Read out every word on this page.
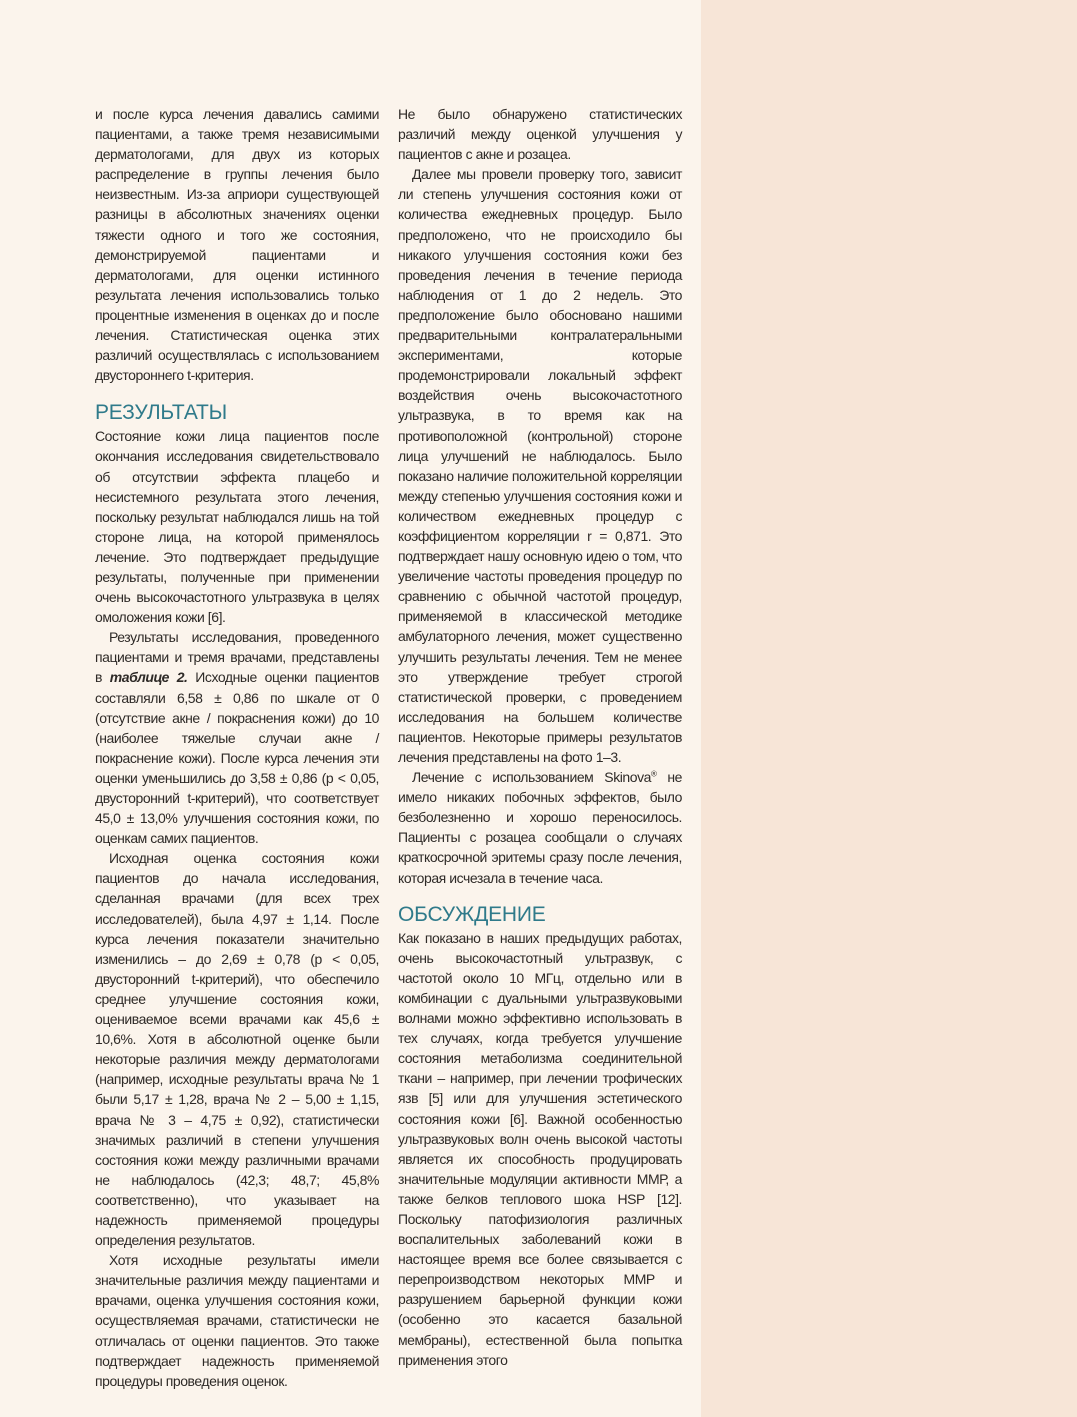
и после курса лечения давались самими пациентами, а также тремя независимыми дерматологами, для двух из которых распределение в группы лечения было неизвестным. Из-за априори существующей разницы в абсолютных значениях оценки тяжести одного и того же состояния, демонстрируемой пациентами и дерматологами, для оценки истинного результата лечения использовались только процентные изменения в оценках до и после лечения. Статистическая оценка этих различий осуществлялась с использованием двустороннего t-критерия.

РЕЗУЛЬТАТЫ

Состояние кожи лица пациентов после окончания исследования свидетельствовало об отсутствии эффекта плацебо и несистемного результата этого лечения, поскольку результат наблюдался лишь на той стороне лица, на которой применялось лечение. Это подтверждает предыдущие результаты, полученные при применении очень высокочастотного ультразвука в целях омоложения кожи [6].

Результаты исследования, проведенного пациентами и тремя врачами, представлены в таблице 2. Исходные оценки пациентов составляли 6,58 ± 0,86 по шкале от 0 (отсутствие акне / покраснения кожи) до 10 (наиболее тяжелые случаи акне / покраснение кожи). После курса лечения эти оценки уменьшились до 3,58 ± 0,86 (p < 0,05, двусторонний t-критерий), что соответствует 45,0 ± 13,0% улучшения состояния кожи, по оценкам самих пациентов.

Исходная оценка состояния кожи пациентов до начала исследования, сделанная врачами (для всех трех исследователей), была 4,97 ± 1,14. После курса лечения показатели значительно изменились – до 2,69 ± 0,78 (p < 0,05, двусторонний t-критерий), что обеспечило среднее улучшение состояния кожи, оцениваемое всеми врачами как 45,6 ± 10,6%. Хотя в абсолютной оценке были некоторые различия между дерматологами (например, исходные результаты врача № 1 были 5,17 ± 1,28, врача № 2 – 5,00 ± 1,15, врача № 3 – 4,75 ± 0,92), статистически значимых различий в степени улучшения состояния кожи между различными врачами не наблюдалось (42,3; 48,7; 45,8% соответственно), что указывает на надежность применяемой процедуры определения результатов.

Хотя исходные результаты имели значительные различия между пациентами и врачами, оценка улучшения состояния кожи, осуществляемая врачами, статистически не отличалась от оценки пациентов. Это также подтверждает надежность применяемой процедуры проведения оценок.

Не было обнаружено статистических различий между оценкой улучшения у пациентов с акне и розацеа.

Далее мы провели проверку того, зависит ли степень улучшения состояния кожи от количества ежедневных процедур. Было предположено, что не происходило бы никакого улучшения состояния кожи без проведения лечения в течение периода наблюдения от 1 до 2 недель. Это предположение было обосновано нашими предварительными контралатеральными экспериментами, которые продемонстрировали локальный эффект воздействия очень высокочастотного ультразвука, в то время как на противоположной (контрольной) стороне лица улучшений не наблюдалось. Было показано наличие положительной корреляции между степенью улучшения состояния кожи и количеством ежедневных процедур с коэффициентом корреляции r = 0,871. Это подтверждает нашу основную идею о том, что увеличение частоты проведения процедур по сравнению с обычной частотой процедур, применяемой в классической методике амбулаторного лечения, может существенно улучшить результаты лечения. Тем не менее это утверждение требует строгой статистической проверки, с проведением исследования на большем количестве пациентов. Некоторые примеры результатов лечения представлены на фото 1–3.

Лечение с использованием Skinova® не имело никаких побочных эффектов, было безболезненно и хорошо переносилось. Пациенты с розацеа сообщали о случаях краткосрочной эритемы сразу после лечения, которая исчезала в течение часа.

ОБСУЖДЕНИЕ

Как показано в наших предыдущих работах, очень высокочастотный ультразвук, с частотой около 10 МГц, отдельно или в комбинации с дуальными ультразвуковыми волнами можно эффективно использовать в тех случаях, когда требуется улучшение состояния метаболизма соединительной ткани – например, при лечении трофических язв [5] или для улучшения эстетического состояния кожи [6]. Важной особенностью ультразвуковых волн очень высокой частоты является их способность продуцировать значительные модуляции активности ММР, а также белков теплового шока HSP [12]. Поскольку патофизиология различных воспалительных заболеваний кожи в настоящее время все более связывается с перепроизводством некоторых ММР и разрушением барьерной функции кожи (особенно это касается базальной мембраны), естественной была попытка применения этого
